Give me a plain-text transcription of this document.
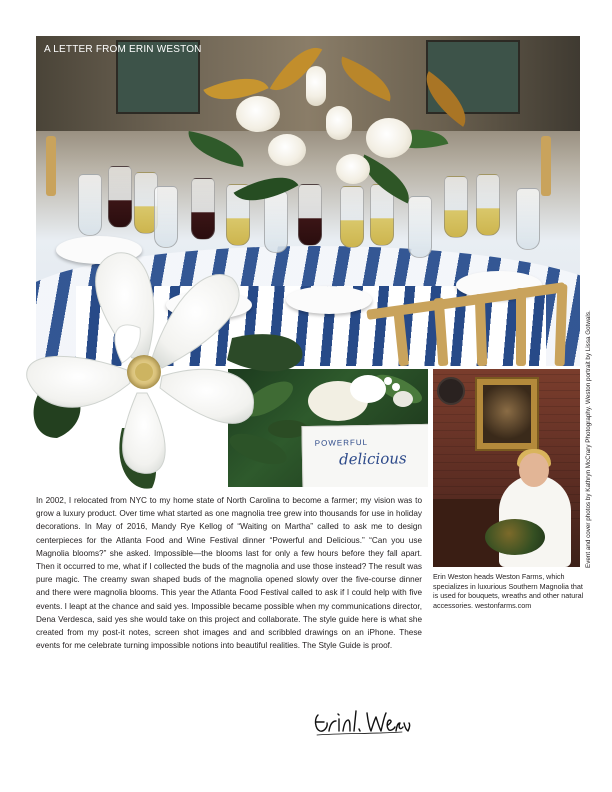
A LETTER FROM ERIN WESTON
POWERFUL
delicious
Erin Weston heads Weston Farms, which specializes in luxurious Southern Magnolia that is used for bouquets, wreaths and other natural accessories. westonfarms.com
Event and cover photos by Kathryn McCrary Photography. Weston portrait by Lissa Gotwals.
In 2002, I relocated from NYC to my home state of North Carolina to become a farmer; my vision was to grow a luxury product. Over time what started as one magnolia tree grew into thousands for use in holiday decorations. In May of 2016, Mandy Rye Kellog of “Waiting on Martha” called to ask me to design centerpieces for the Atlanta Food and Wine Festival dinner “Powerful and Delicious.” “Can you use Magnolia blooms?” she asked. Impossible—the blooms last for only a few hours before they fall apart. Then it occurred to me, what if I collected the buds of the magnolia and use those instead? The result was pure magic. The creamy swan shaped buds of the magnolia opened slowly over the five-course dinner and there were magnolia blooms. This year the Atlanta Food Festival called to ask if I could help with five events. I leapt at the chance and said yes. Impossible became possible when my communications director, Dena Verdesca, said yes she would take on this project and collaborate. The style guide here is what she created from my post-it notes, screen shot images and and scribbled drawings on an iPhone. These events for me celebrate turning impossible notions into beautiful realities. The Style Guide is proof.
